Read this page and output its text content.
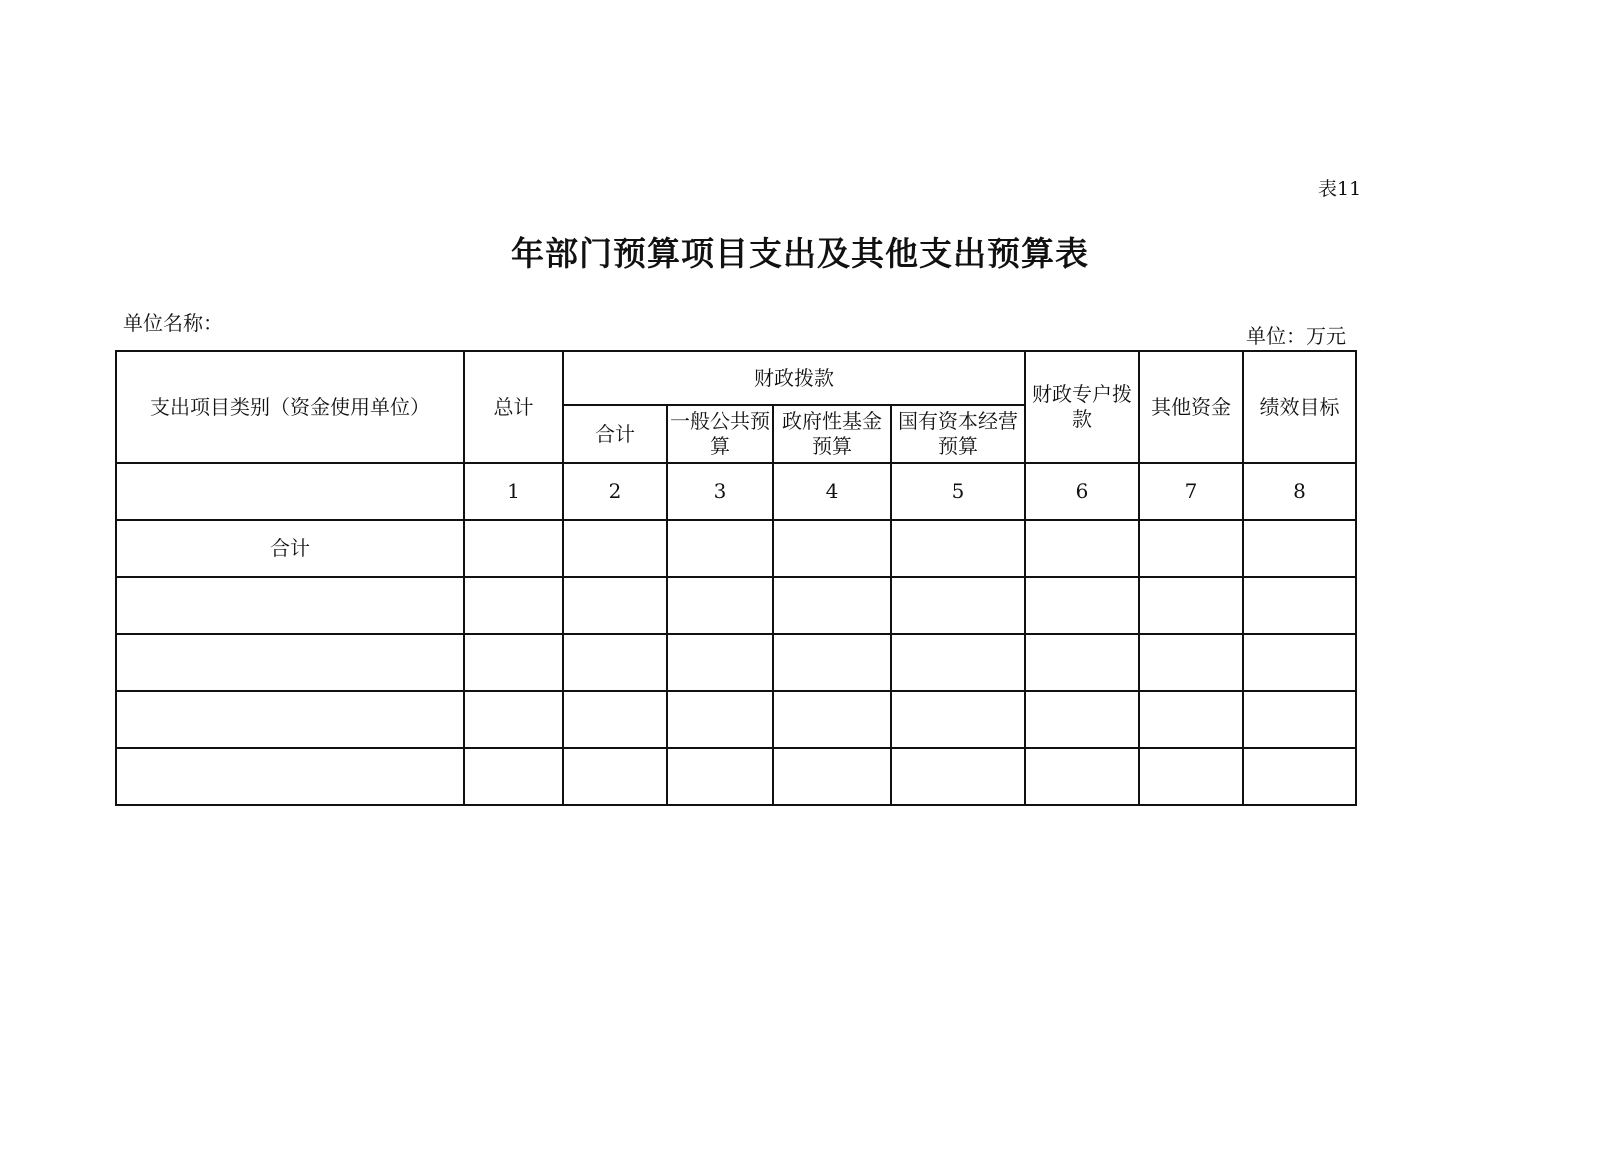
表11
年部门预算项目支出及其他支出预算表
单位名称：
单位：万元
支出项目类别（资金使用单位）	总计	财政拨款				财政专户拨款	其他资金	绩效目标
		合计	一般公共预算	政府性基金预算	国有资本经营预算			
	1	2	3	4	5	6	7	8
合计								
